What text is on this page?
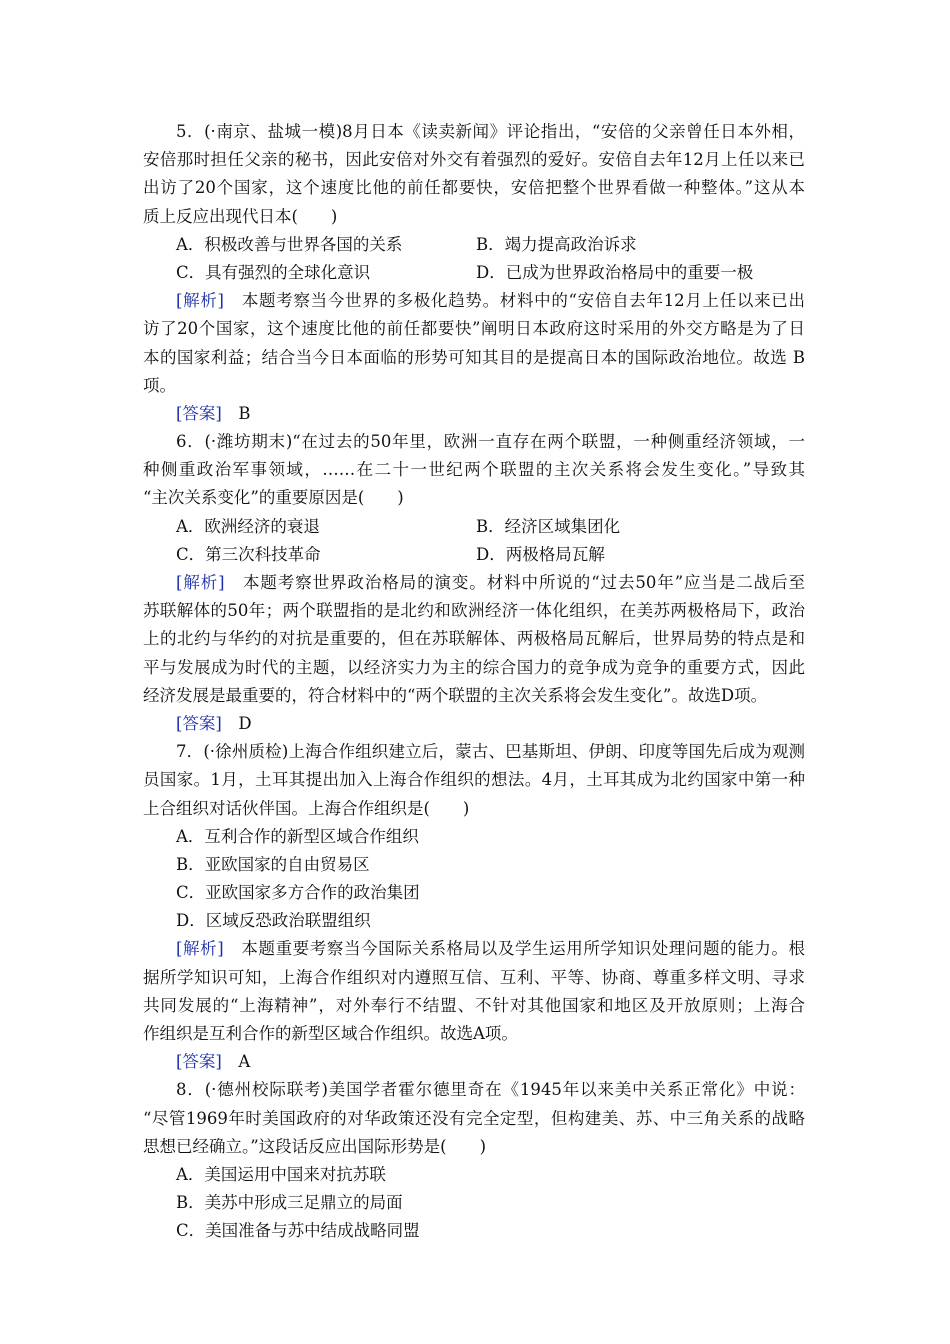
5．(·南京、盐城一模)8月日本《读卖新闻》评论指出，“安倍的父亲曾任日本外相，
安倍那时担任父亲的秘书，因此安倍对外交有着强烈的爱好。安倍自去年12月上任以来已
出访了20个国家，这个速度比他的前任都要快，安倍把整个世界看做一种整体。”这从本
质上反应出现代日本(　　)
A．积极改善与世界各国的关系	B．竭力提高政治诉求
C．具有强烈的全球化意识	D．已成为世界政治格局中的重要一极
[解析]　 本题考察当今世界的多极化趋势。材料中的“安倍自去年12月上任以来已出
访了20个国家，这个速度比他的前任都要快”阐明日本政府这时采用的外交方略是为了日
本的国家利益；结合当今日本面临的形势可知其目的是提高日本的国际政治地位。故选 B
项。
[答案]　 B
6．(·潍坊期末)“在过去的50年里，欧洲一直存在两个联盟，一种侧重经济领域，一
种侧重政治军事领域，……在二十一世纪两个联盟的主次关系将会发生变化。”导致其
“主次关系变化”的重要原因是(　　)
A．欧洲经济的衰退	B．经济区域集团化
C．第三次科技革命	D．两极格局瓦解
[解析]　 本题考察世界政治格局的演变。材料中所说的“过去50年”应当是二战后至
苏联解体的50年；两个联盟指的是北约和欧洲经济一体化组织，在美苏两极格局下，政治
上的北约与华约的对抗是重要的，但在苏联解体、两极格局瓦解后，世界局势的特点是和
平与发展成为时代的主题，以经济实力为主的综合国力的竞争成为竞争的重要方式，因此
经济发展是最重要的，符合材料中的“两个联盟的主次关系将会发生变化”。故选D项。
[答案]　 D
7．(·徐州质检)上海合作组织建立后，蒙古、巴基斯坦、伊朗、印度等国先后成为观测
员国家。1月，土耳其提出加入上海合作组织的想法。4月，土耳其成为北约国家中第一种
上合组织对话伙伴国。上海合作组织是(　　)
A．互利合作的新型区域合作组织
B．亚欧国家的自由贸易区
C．亚欧国家多方合作的政治集团
D．区域反恐政治联盟组织
[解析]　 本题重要考察当今国际关系格局以及学生运用所学知识处理问题的能力。根
据所学知识可知，上海合作组织对内遵照互信、互利、平等、协商、尊重多样文明、寻求
共同发展的“上海精神”，对外奉行不结盟、不针对其他国家和地区及开放原则；上海合
作组织是互利合作的新型区域合作组织。故选A项。
[答案]　 A
8．(·德州校际联考)美国学者霍尔德里奇在《1945年以来美中关系正常化》中说：
“尽管1969年时美国政府的对华政策还没有完全定型，但构建美、苏、中三角关系的战略
思想已经确立。”这段话反应出国际形势是(　　)
A．美国运用中国来对抗苏联
B．美苏中形成三足鼎立的局面
C．美国准备与苏中结成战略同盟
